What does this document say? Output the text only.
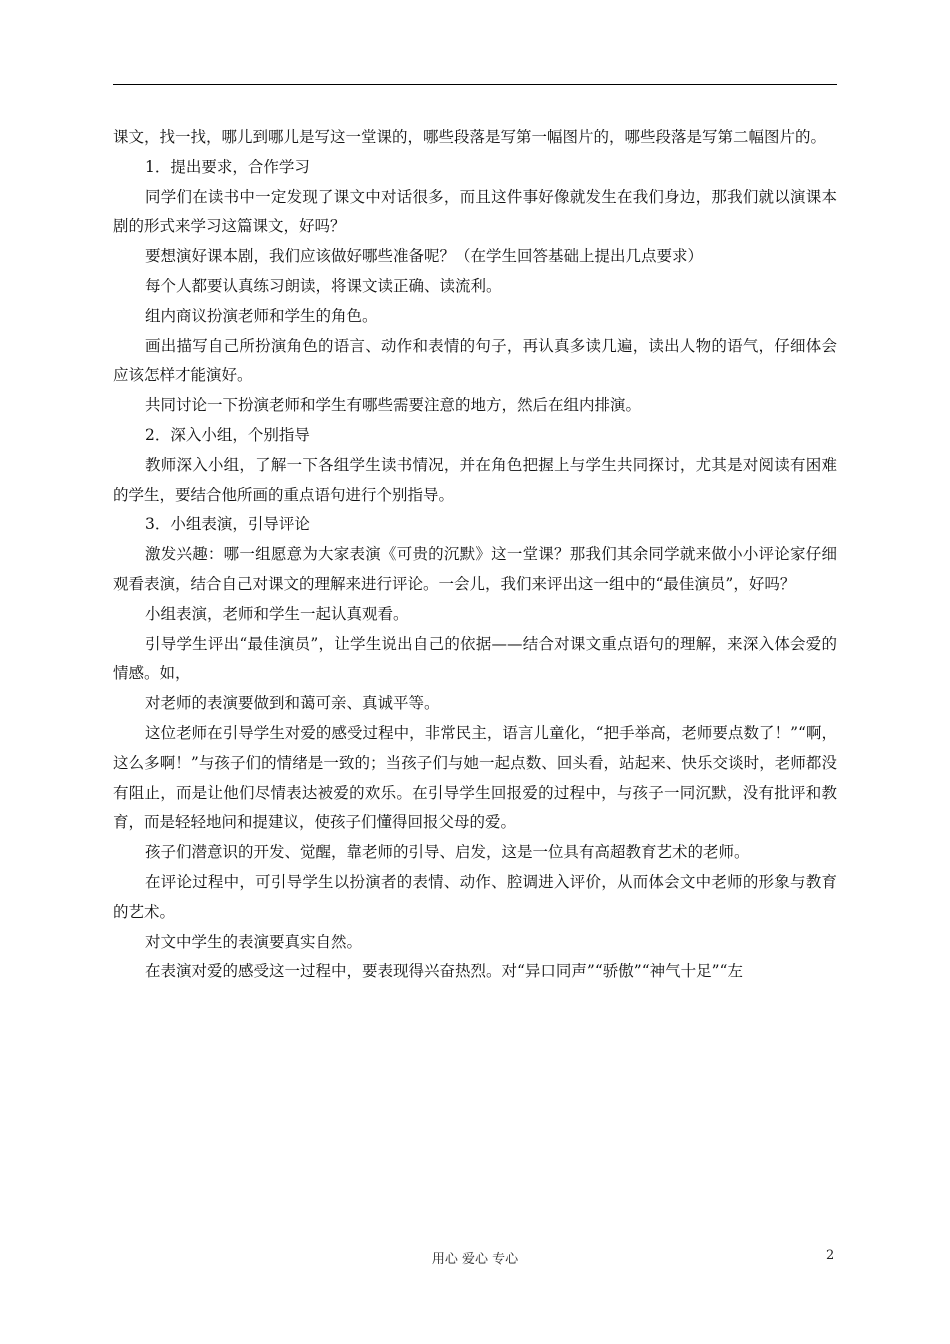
课文，找一找，哪儿到哪儿是写这一堂课的，哪些段落是写第一幅图片的，哪些段落是写第二幅图片的。

1．提出要求，合作学习

同学们在读书中一定发现了课文中对话很多，而且这件事好像就发生在我们身边，那我们就以演课本剧的形式来学习这篇课文，好吗？

要想演好课本剧，我们应该做好哪些准备呢？（在学生回答基础上提出几点要求）

每个人都要认真练习朗读，将课文读正确、读流利。

组内商议扮演老师和学生的角色。

画出描写自己所扮演角色的语言、动作和表情的句子，再认真多读几遍，读出人物的语气，仔细体会应该怎样才能演好。

共同讨论一下扮演老师和学生有哪些需要注意的地方，然后在组内排演。

2．深入小组，个别指导

教师深入小组，了解一下各组学生读书情况，并在角色把握上与学生共同探讨，尤其是对阅读有困难的学生，要结合他所画的重点语句进行个别指导。

3．小组表演，引导评论

激发兴趣：哪一组愿意为大家表演《可贵的沉默》这一堂课？那我们其余同学就来做小小评论家仔细观看表演，结合自己对课文的理解来进行评论。一会儿，我们来评出这一组中的“最佳演员”，好吗？

小组表演，老师和学生一起认真观看。

引导学生评出“最佳演员”，让学生说出自己的依据——结合对课文重点语句的理解，来深入体会爱的情感。如，

对老师的表演要做到和蔼可亲、真诚平等。

这位老师在引导学生对爱的感受过程中，非常民主，语言儿童化，“把手举高，老师要点数了！”“啊，这么多啊！”与孩子们的情绪是一致的；当孩子们与她一起点数、回头看，站起来、快乐交谈时，老师都没有阻止，而是让他们尽情表达被爱的欢乐。在引导学生回报爱的过程中，与孩子一同沉默，没有批评和教育，而是轻轻地问和提建议，使孩子们懂得回报父母的爱。

孩子们潜意识的开发、觉醒，靠老师的引导、启发，这是一位具有高超教育艺术的老师。

在评论过程中，可引导学生以扮演者的表情、动作、腔调进入评价，从而体会文中老师的形象与教育的艺术。

对文中学生的表演要真实自然。

在表演对爱的感受这一过程中，要表现得兴奋热烈。对“异口同声”“骄傲”“神气十足”“左

用心 爱心 专心	2
